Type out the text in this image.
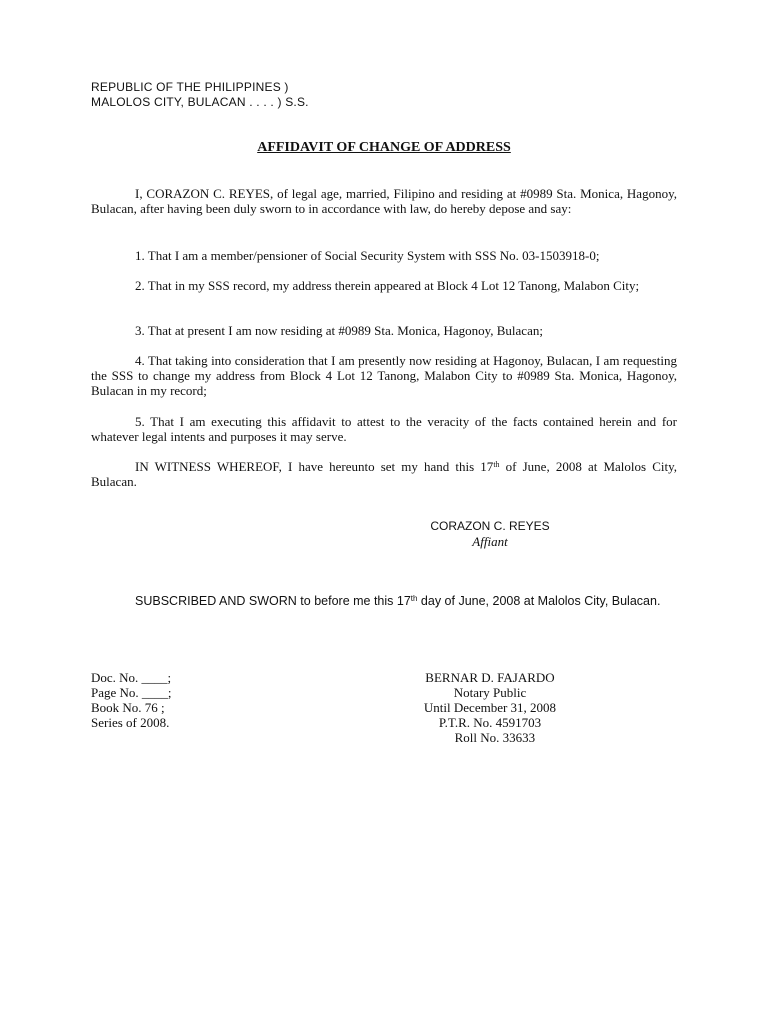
REPUBLIC OF THE PHILIPPINES )
MALOLOS CITY, BULACAN . . . . ) S.S.
AFFIDAVIT OF CHANGE OF ADDRESS

I, CORAZON C. REYES, of legal age, married, Filipino and residing at #0989 Sta. Monica, Hagonoy, Bulacan, after having been duly sworn to in accordance with law, do hereby depose and say:

1. That I am a member/pensioner of Social Security System with SSS No. 03-1503918-0;

2. That in my SSS record, my address therein appeared at Block 4 Lot 12 Tanong, Malabon City;

3. That at present I am now residing at #0989 Sta. Monica, Hagonoy, Bulacan;

4. That taking into consideration that I am presently now residing at Hagonoy, Bulacan, I am requesting the SSS to change my address from Block 4 Lot 12 Tanong, Malabon City to #0989 Sta. Monica, Hagonoy, Bulacan in my record;

5. That I am executing this affidavit to attest to the veracity of the facts contained herein and for whatever legal intents and purposes it may serve.

IN WITNESS WHEREOF, I have hereunto set my hand this 17th of June, 2008 at Malolos City, Bulacan.

CORAZON C. REYES
Affiant

SUBSCRIBED AND SWORN to before me this 17th day of June, 2008 at Malolos City, Bulacan.

Doc. No. ____;
Page No. ____;
Book No. 76 ;
Series of 2008.
BERNAR D. FAJARDO
Notary Public
Until December 31, 2008
P.T.R. No. 4591703
Roll No. 33633
